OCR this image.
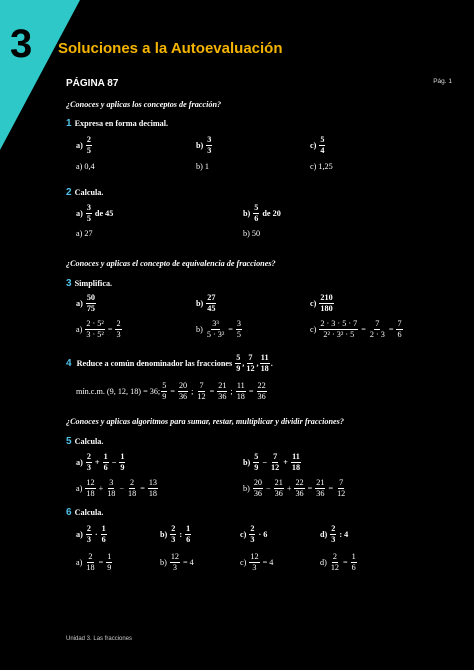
3 Soluciones a la Autoevaluación
PÁGINA 87	Pág. 1
¿Conoces y aplicas los conceptos de fracción?
1 Expresa en forma decimal.
$a) \frac{2}{5}$
a) 0,4
$b) \frac{3}{3}$
b) 1
$c) \frac{5}{4}$
c) 1,25
2 Calcula.
$a) \frac{3}{5}$ de 45
a) 27
$b) \frac{5}{6}$ de 20
b) 50
¿Conoces y aplicas el concepto de equivalencia de fracciones?
3 Simplifica.
$a) \frac{50}{75}$	$b) \frac{27}{45}$	$c) \frac{210}{180}$
$a) \frac{\text{2 · 5²}}{\text{3 · 5²}} = \frac{2}{3}$	$b) \frac{\text{3³}}{\text{5 · 3²}} = \frac{3}{5}$	$c) \frac{2 \cdot 3 \cdot 5 \cdot 7}{\text{2² · 3² · 5}} = \frac{7}{2 \cdot 3} = \frac{7}{6}$
4 Reduce a común denominador las fracciones $\frac{5}{9}$ , $\frac{7}{12}$ , $\frac{11}{18}$ .
mín.c.m. (9, 12, 18) = 36; $\frac{5}{9} = \frac{20}{36}$ ; $\frac{7}{12} = \frac{21}{36}$ ; $\frac{11}{18} = \frac{22}{36}$
¿Conoces y aplicas algoritmos para sumar, restar, multiplicar y dividir fracciones?
5 Calcula.
$a) \frac{2}{3} + \frac{1}{6} - \frac{1}{9}$	$b) \frac{5}{9} - \frac{7}{12} + \frac{11}{18}$
$a) \frac{12}{18} + \frac{3}{18} - \frac{2}{18} = \frac{13}{18}$	$b) \frac{20}{36} - \frac{21}{36} + \frac{22}{36} = \frac{21}{36} = \frac{7}{12}$
6 Calcula.
$a) \frac{2}{3} \cdot \frac{1}{6}$	$b) \frac{2}{3}$ : $\frac{1}{6}$	$c) \frac{2}{3} \cdot 6$	$d) \frac{2}{3}$ : 4
$a) \frac{2}{18} = \frac{1}{9}$	$b) \frac{12}{3} = 4$	$c) \frac{12}{3} = 4$	$d) \frac{2}{12} = \frac{1}{6}$
Unidad 3. Las fracciones
